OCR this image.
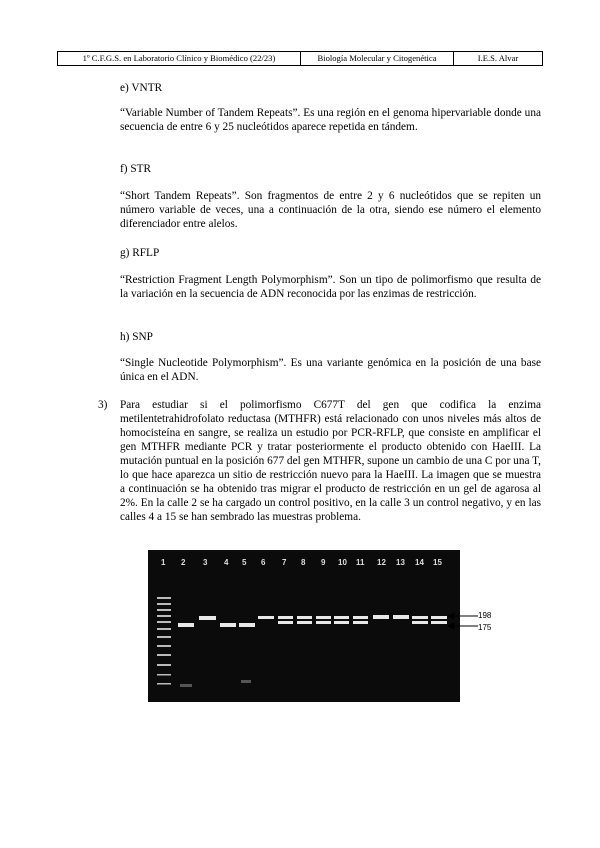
1º C.F.G.S. en Laboratorio Clínico y Biomédico (22/23)	Biología Molecular y Citogenética	I.E.S. Alvar
e) VNTR
“Variable Number of Tandem Repeats”. Es una región en el genoma hipervariable donde una secuencia de entre 6 y 25 nucleótidos aparece repetida en tándem.
f) STR
“Short Tandem Repeats”. Son fragmentos de entre 2 y 6 nucleótidos que se repiten un número variable de veces, una a continuación de la otra, siendo ese número el elemento diferenciador entre alelos.
g) RFLP
“Restriction Fragment Length Polymorphism”. Son un tipo de polimorfismo que resulta de la variación en la secuencia de ADN reconocida por las enzimas de restricción.
h) SNP
“Single Nucleotide Polymorphism”. Es una variante genómica en la posición de una base única en el ADN.
3) Para estudiar si el polimorfismo C677T del gen que codifica la enzima metilentetrahidrofolato reductasa (MTHFR) está relacionado con unos niveles más altos de homocisteína en sangre, se realiza un estudio por PCR-RFLP, que consiste en amplificar el gen MTHFR mediante PCR y tratar posteriormente el producto obtenido con HaeIII. La mutación puntual en la posición 677 del gen MTHFR, supone un cambio de una C por una T, lo que hace aparezca un sitio de restricción nuevo para la HaeIII. La imagen que se muestra a continuación se ha obtenido tras migrar el producto de restricción en un gel de agarosa al 2%. En la calle 2 se ha cargado un control positivo, en la calle 3 un control negativo, y en las calles 4 a 15 se han sembrado las muestras problema.
1 2 3 4 5 6 7 8 9 10 11 12 13 14 15
198
175
